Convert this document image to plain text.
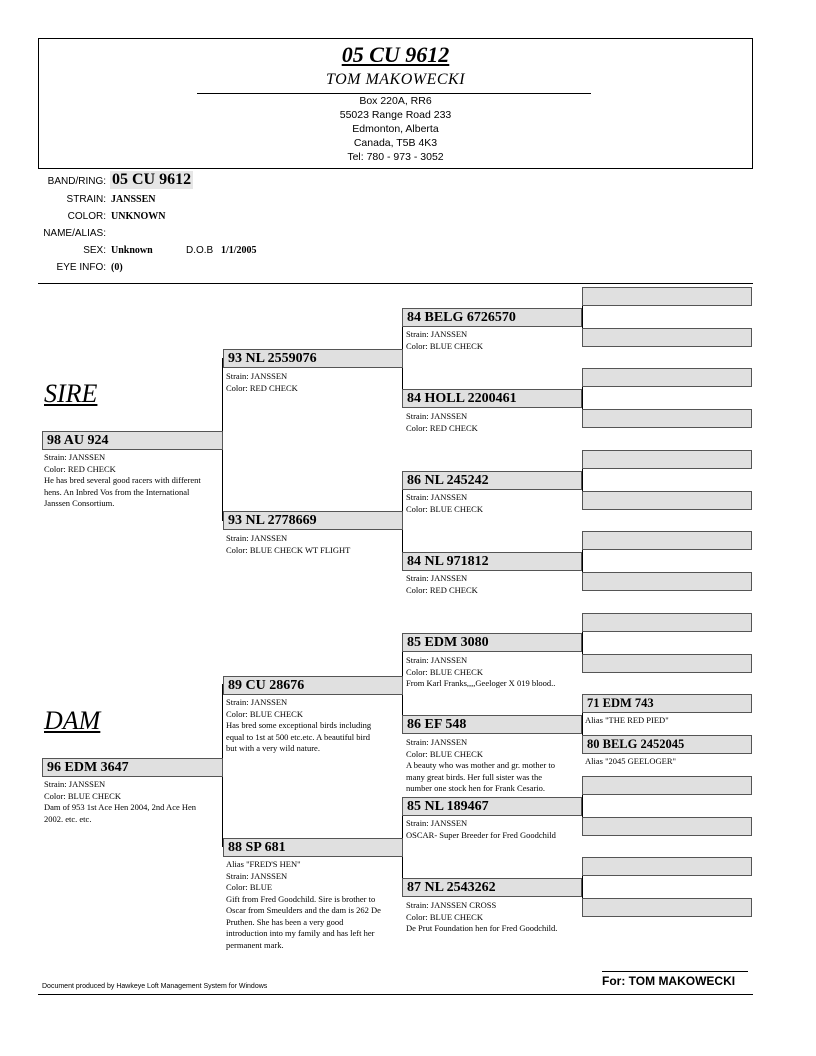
05 CU 9612
TOM MAKOWECKI
Box 220A, RR6
55023 Range Road 233
Edmonton, Alberta
Canada, T5B 4K3
Tel: 780 - 973 - 3052
BAND/RING: 05 CU 9612
STRAIN: JANSSEN
COLOR: UNKNOWN
NAME/ALIAS:
SEX: Unknown	D.O.B 1/1/2005
EYE INFO: (0)
SIRE
DAM
98 AU 924
Strain: JANSSEN
Color: RED CHECK
He has bred several good racers with different
hens. An Inbred Vos from the International
Janssen Consortium.
96 EDM 3647
Strain: JANSSEN
Color: BLUE CHECK
Dam of 953 1st Ace Hen 2004, 2nd Ace Hen
2002. etc. etc.
93 NL 2559076
Strain: JANSSEN
Color: RED CHECK
93 NL 2778669
Strain: JANSSEN
Color: BLUE CHECK WT FLIGHT
89 CU 28676
Strain: JANSSEN
Color: BLUE CHECK
Has bred some exceptional birds including
equal to 1st at 500 etc.etc. A beautiful bird
but with a very wild nature.
88 SP 681
Alias "FRED'S HEN"
Strain: JANSSEN
Color: BLUE
Gift from Fred Goodchild. Sire is brother to
Oscar from Smeulders and the dam is 262 De
Pruthen. She has been a very good
introduction into my family and has left her
permanent mark.
84 BELG 6726570
Strain: JANSSEN
Color: BLUE CHECK
84 HOLL 2200461
Strain: JANSSEN
Color: RED CHECK
86 NL 245242
Strain: JANSSEN
Color: BLUE CHECK
84 NL 971812
Strain: JANSSEN
Color: RED CHECK
85 EDM 3080
Strain: JANSSEN
Color: BLUE CHECK
From Karl Franks,,,,Geeloger X 019 blood..
86 EF 548
Strain: JANSSEN
Color: BLUE CHECK
A beauty who was mother and gr. mother to
many great birds. Her full sister was the
number one stock hen for Frank Cesario.
85 NL 189467
Strain: JANSSEN
OSCAR- Super Breeder for Fred Goodchild
87 NL 2543262
Strain: JANSSEN CROSS
Color: BLUE CHECK
De Prut Foundation hen for Fred Goodchild.
71 EDM 743
Alias "THE RED PIED"
80 BELG 2452045
Alias "2045 GEELOGER"
Document produced by Hawkeye Loft Management System for Windows	For: TOM MAKOWECKI
